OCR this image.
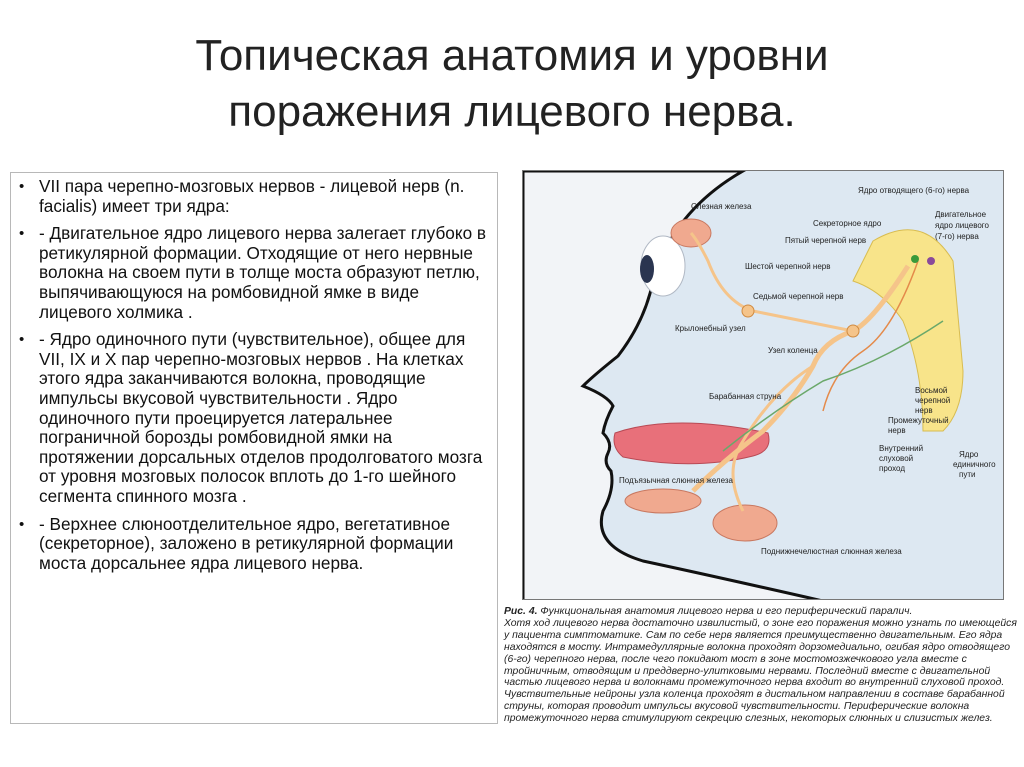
Топическая анатомия и уровни
поражения лицевого нерва.
• VII пара черепно-мозговых нервов - лицевой нерв (n. facialis) имеет три ядра:
• - Двигательное ядро лицевого нерва залегает глубоко в ретикулярной формации. Отходящие от него нервные волокна на своем пути в толще моста образуют петлю, выпячивающуюся на ромбовидной ямке в виде лицевого холмика .
• - Ядро одиночного пути (чувствительное), общее для VII, IX и X пар черепно-мозговых нервов . На клетках этого ядра заканчиваются волокна, проводящие импульсы вкусовой чувствительности . Ядро одиночного пути проецируется латеральнее пограничной борозды ромбовидной ямки на протяжении дорсальных отделов продолговатого мозга от уровня мозговых полосок вплоть до 1-го шейного сегмента спинного мозга .
• - Верхнее слюноотделительное ядро, вегетативное (секреторное), заложено в ретикулярной формации моста дорсальнее ядра лицевого нерва.
Слезная железа
Ядро отводящего (6-го) нерва
Секреторное ядро
Пятый черепной нерв
Двигательное
ядро лицевого
(7-го) нерва
Шестой черепной нерв
Седьмой черепной нерв
Крылонебный узел
Узел коленца
Восьмой
черепной
нерв
Барабанная струна
Промежуточный
нерв
Внутренний
слуховой
проход
Ядро
единичного
пути
Подъязычная слюнная железа
Поднижнечелюстная слюнная железа
Рис. 4. Функциональная анатомия лицевого нерва и его периферический паралич.
Хотя ход лицевого нерва достаточно извилистый, о зоне его поражения можно узнать по имеющейся у пациента симптоматике. Сам по себе нерв является преимущественно двигательным. Его ядра находятся в мосту. Интрамедуллярные волокна проходят дорзомедиально, огибая ядро отводящего (6-го) черепного нерва, после чего покидают мост в зоне мостомозжечкового угла вместе с тройничным, отводящим и преддверно-улитковыми нервами. Последний вместе с двигательной частью лицевого нерва и волокнами промежуточного нерва входит во внутренний слуховой проход. Чувствительные нейроны узла коленца проходят в дистальном направлении в составе барабанной струны, которая проводит импульсы вкусовой чувствительности. Периферические волокна промежуточного нерва стимулируют секрецию слезных, некоторых слюнных и слизистых желез.
